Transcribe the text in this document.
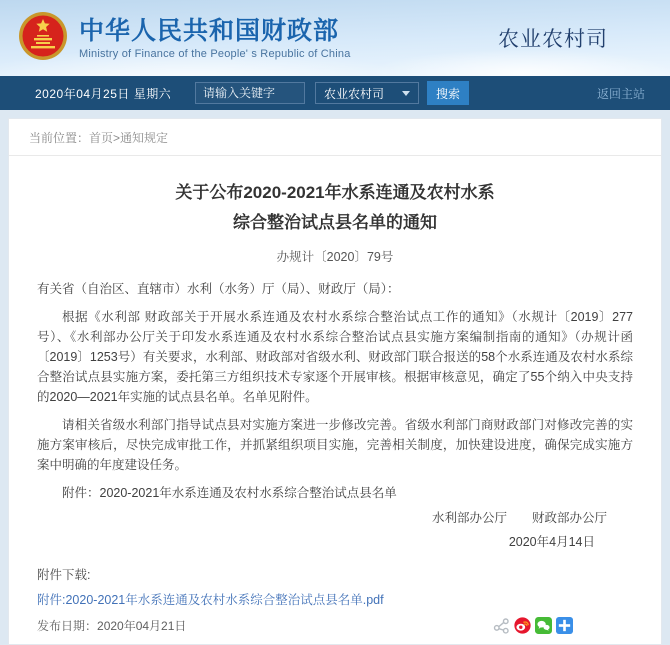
中华人民共和国财政部
Ministry of Finance of the People' s Republic of China
农业农村司
2020年04月25日 星期六
请输入关键字	农业农村司	搜索	返回主站
当前位置：首页>通知规定
关于公布2020-2021年水系连通及农村水系
综合整治试点县名单的通知
办规计〔2020〕79号
有关省（自治区、直辖市）水利（水务）厅（局）、财政厅（局）：

根据《水利部 财政部关于开展水系连通及农村水系综合整治试点工作的通知》（水规计〔2019〕277号）、《水利部办公厅关于印发水系连通及农村水系综合整治试点县实施方案编制指南的通知》（办规计函〔2019〕1253号）有关要求，水利部、财政部对省级水利、财政部门联合报送的58个水系连通及农村水系综合整治试点县实施方案，委托第三方组织技术专家逐个开展审核。根据审核意见，确定了55个纳入中央支持的2020—2021年实施的试点县名单。名单见附件。

请相关省级水利部门指导试点县对实施方案进一步修改完善。省级水利部门商财政部门对修改完善的实施方案审核后，尽快完成审批工作，并抓紧组织项目实施，完善相关制度，加快建设进度，确保完成实施方案中明确的年度建设任务。

附件：2020-2021年水系连通及农村水系综合整治试点县名单

水利部办公厅　　财政部办公厅
2020年4月14日
附件下载:
附件:2020-2021年水系连通及农村水系综合整治试点县名单.pdf
发布日期： 2020年04月21日
